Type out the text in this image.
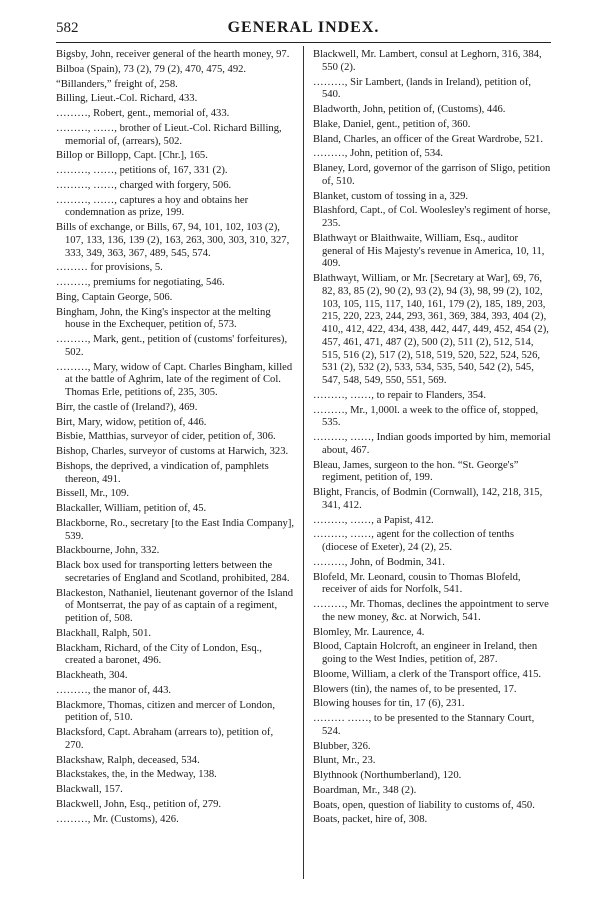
582	GENERAL INDEX.
Bigsby, John, receiver general of the hearth money, 97.
Bilboa (Spain), 73 (2), 79 (2), 470, 475, 492.
“Billanders,” freight of, 258.
Billing, Lieut.-Col. Richard, 433.
………, Robert, gent., memorial of, 433.
………, ……, brother of Lieut.-Col. Richard Billing, memorial of, (arrears), 502.
Billop or Billopp, Capt. [Chr.], 165.
………, ……, petitions of, 167, 331 (2).
………, ……, charged with forgery, 506.
………, ……, captures a hoy and obtains her condemnation as prize, 199.
Bills of exchange, or Bills, 67, 94, 101, 102, 103 (2), 107, 133, 136, 139 (2), 163, 263, 300, 303, 310, 327, 333, 349, 363, 367, 489, 545, 574.
……… for provisions, 5.
………, premiums for negotiating, 546.
Bing, Captain George, 506.
Bingham, John, the King's inspector at the melting house in the Exchequer, petition of, 573.
………, Mark, gent., petition of (customs' forfeitures), 502.
………, Mary, widow of Capt. Charles Bingham, killed at the battle of Aghrim, late of the regiment of Col. Thomas Erle, petitions of, 235, 305.
Birr, the castle of (Ireland?), 469.
Birt, Mary, widow, petition of, 446.
Bisbie, Matthias, surveyor of cider, petition of, 306.
Bishop, Charles, surveyor of customs at Harwich, 323.
Bishops, the deprived, a vindication of, pamphlets thereon, 491.
Bissell, Mr., 109.
Blackaller, William, petition of, 45.
Blackborne, Ro., secretary [to the East India Company], 539.
Blackbourne, John, 332.
Black box used for transporting letters between the secretaries of England and Scotland, prohibited, 284.
Blackeston, Nathaniel, lieutenant governor of the Island of Montserrat, the pay of as captain of a regiment, petition of, 508.
Blackhall, Ralph, 501.
Blackham, Richard, of the City of London, Esq., created a baronet, 496.
Blackheath, 304.
………, the manor of, 443.
Blackmore, Thomas, citizen and mercer of London, petition of, 510.
Blacksford, Capt. Abraham (arrears to), petition of, 270.
Blackshaw, Ralph, deceased, 534.
Blackstakes, the, in the Medway, 138.
Blackwall, 157.
Blackwell, John, Esq., petition of, 279.
………, Mr. (Customs), 426.
Blackwell, Mr. Lambert, consul at Leghorn, 316, 384, 550 (2).
………, Sir Lambert, (lands in Ireland), petition of, 540.
Bladworth, John, petition of, (Customs), 446.
Blake, Daniel, gent., petition of, 360.
Bland, Charles, an officer of the Great Wardrobe, 521.
………, John, petition of, 534.
Blaney, Lord, governor of the garrison of Sligo, petition of, 510.
Blanket, custom of tossing in a, 329.
Blashford, Capt., of Col. Woolesley's regiment of horse, 235.
Blathwayt or Blaithwaite, William, Esq., auditor general of His Majesty's revenue in America, 10, 11, 409.
Blathwayt, William, or Mr. [Secretary at War], 69, 76, 82, 83, 85 (2), 90 (2), 93 (2), 94 (3), 98, 99 (2), 102, 103, 105, 115, 117, 140, 161, 179 (2), 185, 189, 203, 215, 220, 223, 244, 293, 361, 369, 384, 393, 404 (2), 410,, 412, 422, 434, 438, 442, 447, 449, 452, 454 (2), 457, 461, 471, 487 (2), 500 (2), 511 (2), 512, 514, 515, 516 (2), 517 (2), 518, 519, 520, 522, 524, 526, 531 (2), 532 (2), 533, 534, 535, 540, 542 (2), 545, 547, 548, 549, 550, 551, 569.
………, ……, to repair to Flanders, 354.
………, Mr., 1,000l. a week to the office of, stopped, 535.
………, ……, Indian goods imported by him, memorial about, 467.
Bleau, James, surgeon to the hon. “St. George's” regiment, petition of, 199.
Blight, Francis, of Bodmin (Cornwall), 142, 218, 315, 341, 412.
………, ……, a Papist, 412.
………, ……, agent for the collection of tenths (diocese of Exeter), 24 (2), 25.
………, John, of Bodmin, 341.
Blofeld, Mr. Leonard, cousin to Thomas Blofeld, receiver of aids for Norfolk, 541.
………, Mr. Thomas, declines the appointment to serve the new money, &c. at Norwich, 541.
Blomley, Mr. Laurence, 4.
Blood, Captain Holcroft, an engineer in Ireland, then going to the West Indies, petition of, 287.
Bloome, William, a clerk of the Transport office, 415.
Blowers (tin), the names of, to be presented, 17.
Blowing houses for tin, 17 (6), 231.
……… ……, to be presented to the Stannary Court, 524.
Blubber, 326.
Blunt, Mr., 23.
Blythnook (Northumberland), 120.
Boardman, Mr., 348 (2).
Boats, open, question of liability to customs of, 450.
Boats, packet, hire of, 308.
